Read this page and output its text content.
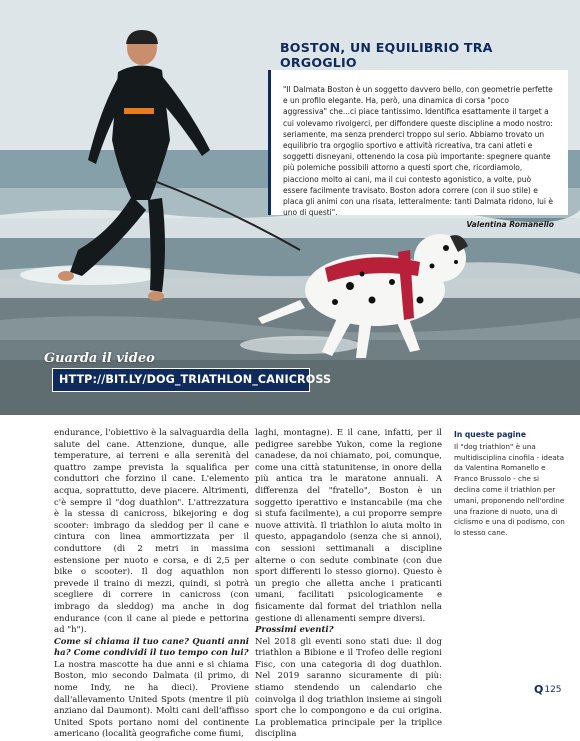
BOSTON, UN EQUILIBRIO TRA ORGOGLIO

"Il Dalmata Boston è un soggetto davvero bello, con geometrie perfette e un profilo elegante. Ha, però, una dinamica di corsa "poco aggressiva" che...ci piace tantissimo. Identifica esattamente il target a cui volevamo rivolgerci, per diffondere queste discipline a modo nostro: seriamente, ma senza prenderci troppo sul serio. Abbiamo trovato un equilibrio tra orgoglio sportivo e attività ricreativa, tra cani atleti e soggetti disneyani, ottenendo la cosa più importante: spegnere quante più polemiche possibili attorno a questi sport che, ricordiamolo, piacciono molto ai cani, ma il cui contesto agonistico, a volte, può essere facilmente travisato. Boston adora correre (con il suo stile) e placa gli animi con una risata, letteralmente: tanti Dalmata ridono, lui è uno di questi".

Valentina Romanello

Guarda il video
HTTP://BIT.LY/DOG_TRIATHLON_CANICROSS

endurance, l'obiettivo è la salvaguardia della salute del cane. Attenzione, dunque, alle temperature, ai terreni e alla serenità del quattro zampe prevista la squalifica per conduttori che forzino il cane. L'elemento acqua, soprattutto, deve piacere. Altrimenti, c'è sempre il "dog duathlon". L'attrezzatura è la stessa di canicross, bikejoring e dog scooter: imbrago da sleddog per il cane e cintura con linea ammortizzata per il conduttore (di 2 metri in massima estensione per nuoto e corsa, e di 2,5 per bike o scooter). Il dog aquathlon non prevede il traino di mezzi, quindi, si potrà scegliere di correre in canicross (con imbrago da sleddog) ma anche in dog endurance (con il cane al piede e pettorina ad "h").

Come si chiama il tuo cane? Quanti anni ha? Come condividi il tuo tempo con lui?

La nostra mascotte ha due anni e si chiama Boston, mio secondo Dalmata (il primo, di nome Indy, ne ha dieci). Proviene dall'allevamento United Spots (mentre il più anziano dal Daumont). Molti cani dell'affisso United Spots portano nomi del continente americano (località geografiche come fiumi,

laghi, montagne). E il cane, infatti, per il pedigree sarebbe Yukon, come la regione canadese, da noi chiamato, poi, comunque, come una città statunitense, in onore della più antica tra le maratone annuali. A differenza del "fratello", Boston è un soggetto iperattivo e instancabile (ma che si stufa facilmente), a cui proporre sempre nuove attività. Il triathlon lo aiuta molto in questo, appagandolo (senza che si annoi), con sessioni settimanali a discipline alterne o con sedute combinate (con due sport differenti lo stesso giorno). Questo è un pregio che alletta anche i praticanti umani, facilitati psicologicamente e fisicamente dal format del triathlon nella gestione di allenamenti sempre diversi.

Prossimi eventi?

Nel 2018 gli eventi sono stati due: il dog triathlon a Bibione e il Trofeo delle regioni Fisc, con una categoria di dog duathlon. Nel 2019 saranno sicuramente di più: stiamo stendendo un calendario che coinvolga il dog triathlon insieme ai singoli sport che lo compongono e da cui origina. La problematica principale per la triplice disciplina

In queste pagine

Il "dog triathlon" è una multidisciplina cinofila - ideata da Valentina Romanello e Franco Brussolo - che si declina come il triathlon per umani, proponendo nell'ordine una frazione di nuoto, una di ciclismo e una di podismo, con lo stesso cane.

Q 125
